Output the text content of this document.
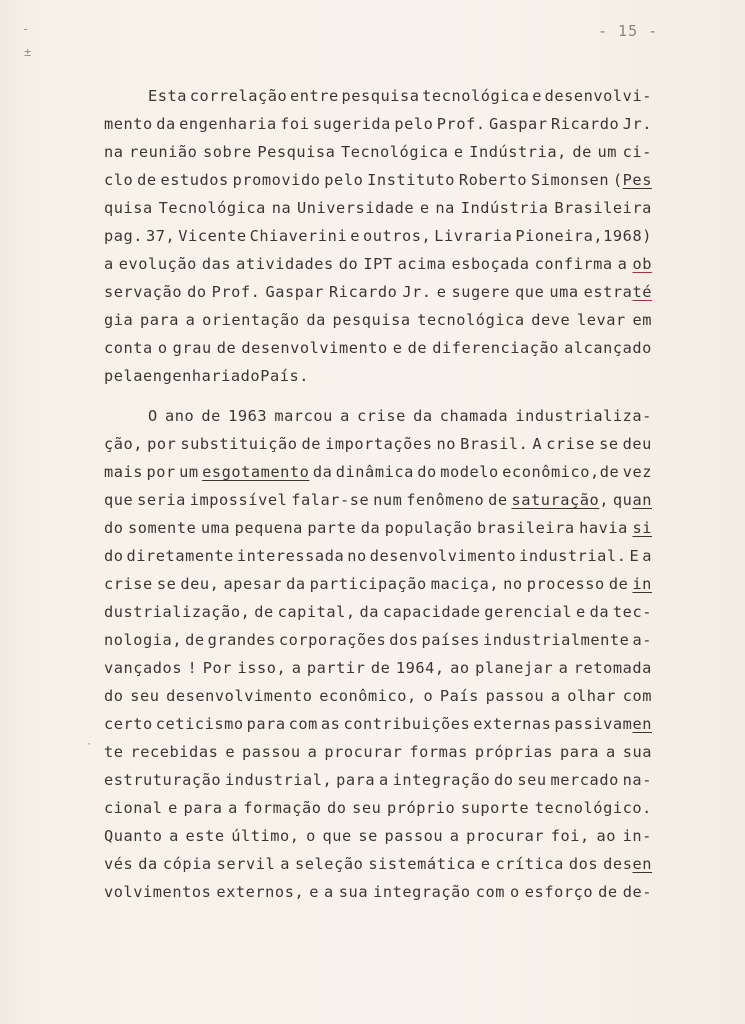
- 15 -
-
±
·
Esta correlação entre pesquisa tecnológica e desenvolvi-
mento da engenharia foi sugerida pelo Prof. Gaspar Ricardo Jr.
na reunião sobre Pesquisa Tecnológica e Indústria, de um ci-
clo de estudos promovido pelo Instituto Roberto Simonsen (Pes
quisa Tecnológica na Universidade e na Indústria Brasileira
pag. 37, Vicente Chiaverini e outros, Livraria Pioneira,1968)
a evolução das atividades do IPT acima esboçada confirma a ob
servação do Prof. Gaspar Ricardo Jr. e sugere que uma estraté
gia para a orientação da pesquisa tecnológica deve levar em
conta o grau de desenvolvimento e de diferenciação alcançado
pela engenharia do País.
O ano de 1963 marcou a crise da chamada industrializa-
ção, por substituição de importações no Brasil. A crise se deu
mais por um esgotamento da dinâmica do modelo econômico,de vez
que seria impossível falar-se num fenômeno de saturação, quan
do somente uma pequena parte da população brasileira havia si
do diretamente interessada no desenvolvimento industrial. E a
crise se deu, apesar da participação maciça, no processo de in
dustrialização, de capital, da capacidade gerencial e da tec-
nologia, de grandes corporações dos países industrialmente a-
vançados ! Por isso, a partir de 1964, ao planejar a retomada
do seu desenvolvimento econômico, o País passou a olhar com
certo ceticismo para com as contribuições externas passivamen
te recebidas e passou a procurar formas próprias para a sua
estruturação industrial, para a integração do seu mercado na-
cional e para a formação do seu próprio suporte tecnológico.
Quanto a este último, o que se passou a procurar foi, ao in-
vés da cópia servil a seleção sistemática e crítica dos desen
volvimentos externos, e a sua integração com o esforço de de-
